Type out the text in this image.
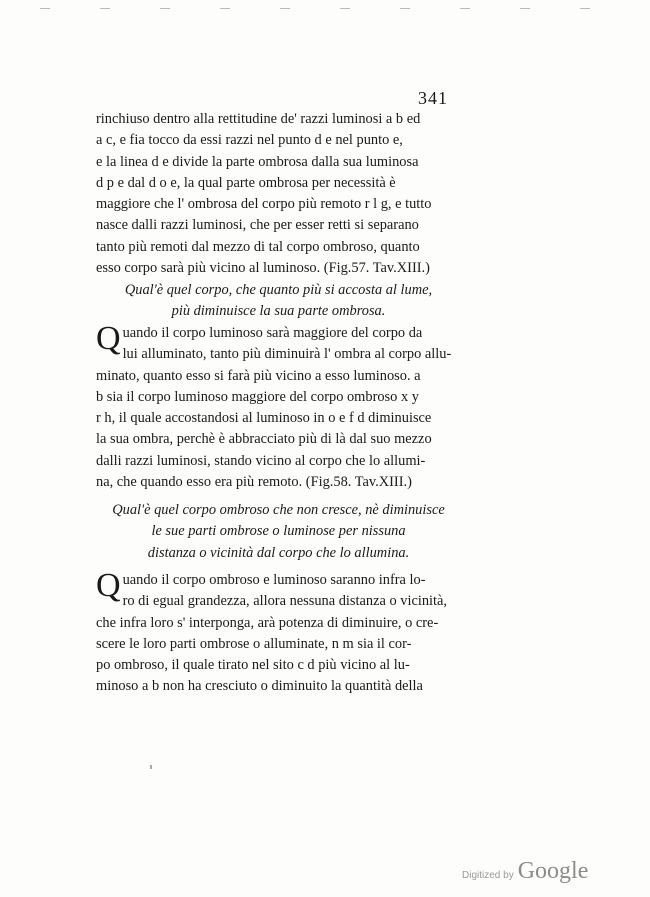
341
rinchiuso dentro alla rettitudine de' razzi luminosi a b ed
a c, e fia tocco da essi razzi nel punto d e nel punto e,
e la linea d e divide la parte ombrosa dalla sua luminosa
d p e dal d o e, la qual parte ombrosa per necessità è
maggiore che l' ombrosa del corpo più remoto r l g, e tutto
nasce dalli razzi luminosi, che per esser retti si separano
tanto più remoti dal mezzo di tal corpo ombroso, quanto
esso corpo sarà più vicino al luminoso. (Fig.57. Tav.XIII.)
Qual'è quel corpo, che quanto più si accosta al lume,
più diminuisce la sua parte ombrosa.
Q uando il corpo luminoso sarà maggiore del corpo da
lui alluminato, tanto più diminuirà l' ombra al corpo allu-
minato, quanto esso si farà più vicino a esso luminoso. a
b sia il corpo luminoso maggiore del corpo ombroso x y
r h, il quale accostandosi al luminoso in o e f d diminuisce
la sua ombra, perchè è abbracciato più di là dal suo mezzo
dalli razzi luminosi, stando vicino al corpo che lo allumi-
na, che quando esso era più remoto. (Fig.58. Tav.XIII.)
Qual'è quel corpo ombroso che non cresce, nè diminuisce
le sue parti ombrose o luminose per nissuna
distanza o vicinità dal corpo che lo allumina.
Q uando il corpo ombroso e luminoso saranno infra lo-
ro di egual grandezza, allora nessuna distanza o vicinità,
che infra loro s' interponga, arà potenza di diminuire, o cre-
scere le loro parti ombrose o alluminate, n m sia il cor-
po ombroso, il quale tirato nel sito c d più vicino al lu-
minoso a b non ha cresciuto o diminuito la quantità della
Digitized by Google
